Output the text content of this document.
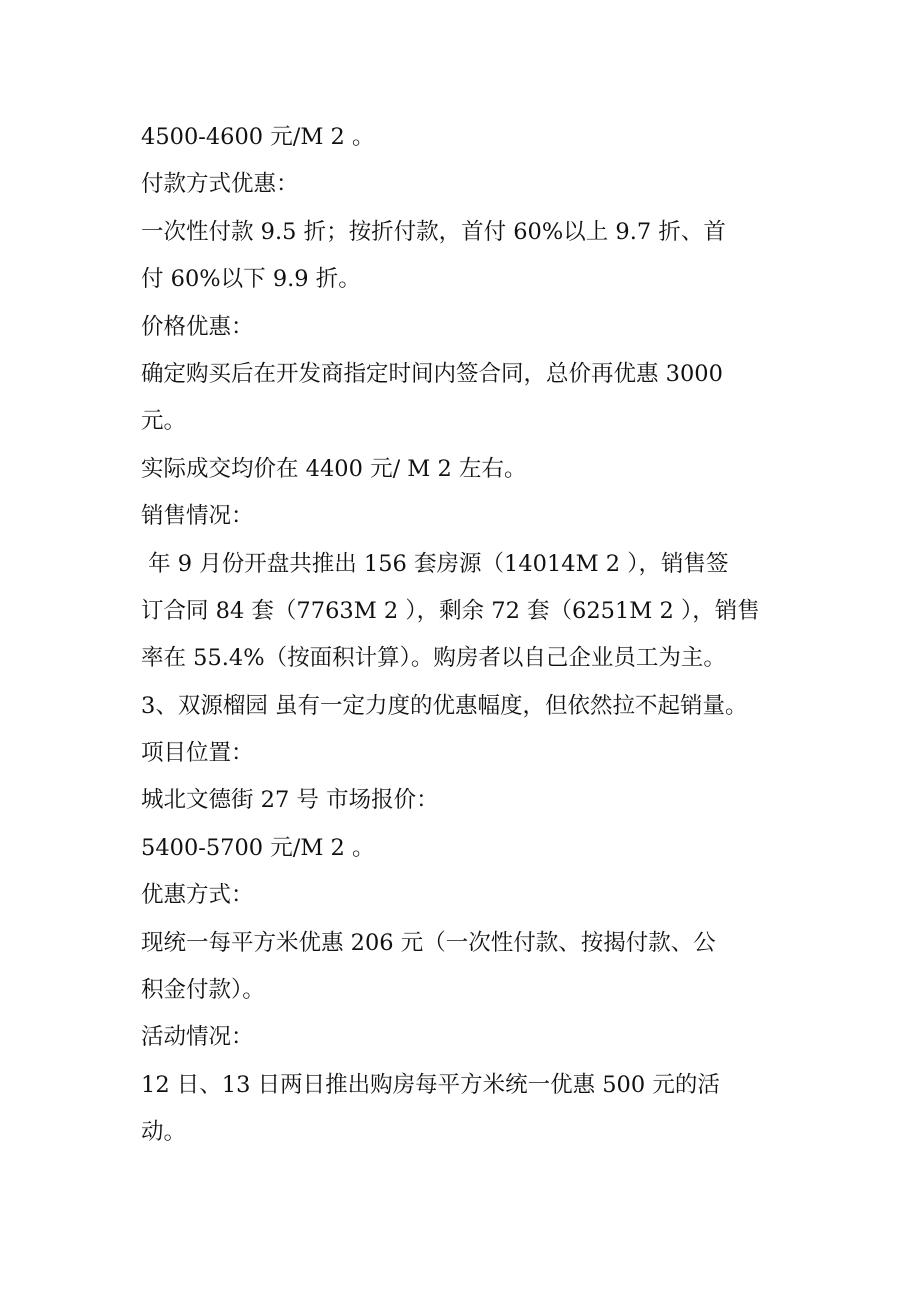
4500-4600 元/M 2 。
付款方式优惠：
一次性付款 9.5 折；按折付款，首付 60%以上 9.7 折、首
付 60%以下 9.9 折。
价格优惠：
确定购买后在开发商指定时间内签合同，总价再优惠 3000
元。
实际成交均价在 4400 元/ M 2 左右。
销售情况：
年 9 月份开盘共推出 156 套房源（14014M 2 ），销售签
订合同 84 套（7763M 2 ），剩余 72 套（6251M 2 ），销售
率在 55.4%（按面积计算）。购房者以自己企业员工为主。
3、双源榴园 虽有一定力度的优惠幅度，但依然拉不起销量。
项目位置：
城北文德街 27 号 市场报价：
5400-5700 元/M 2 。
优惠方式：
现统一每平方米优惠 206 元（一次性付款、按揭付款、公
积金付款）。
活动情况：
12 日、13 日两日推出购房每平方米统一优惠 500 元的活
动。
